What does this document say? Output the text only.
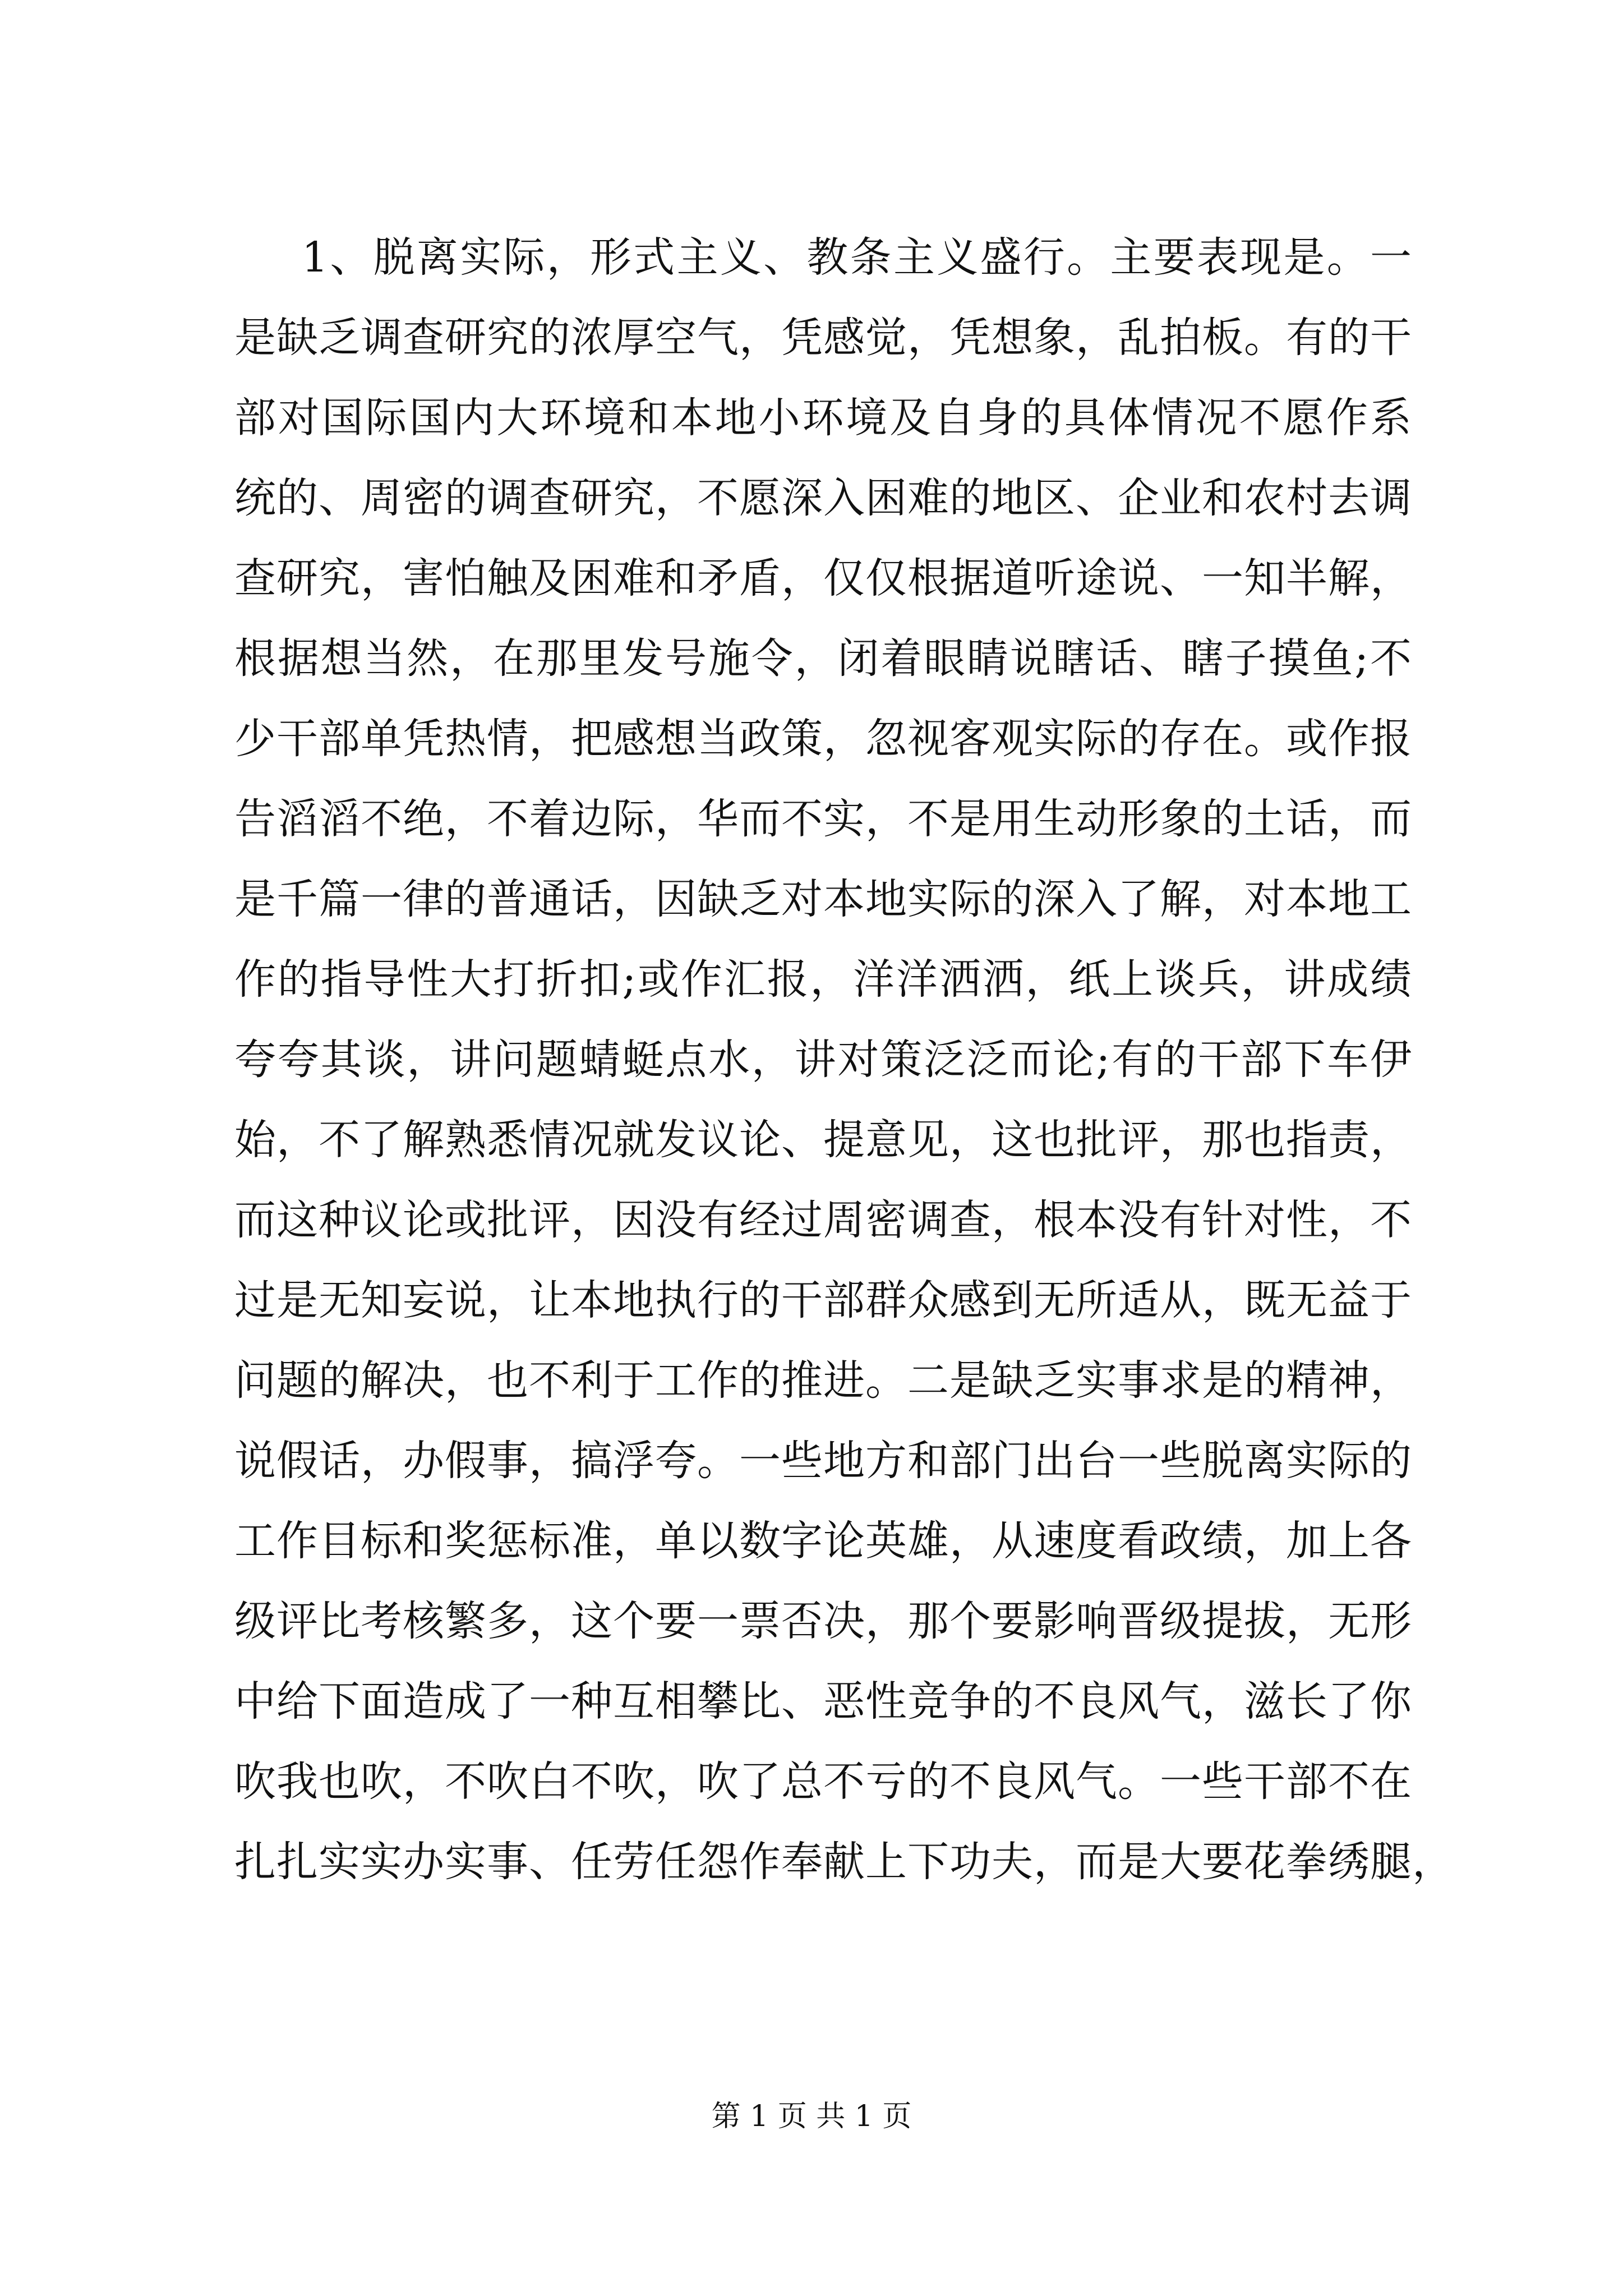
1、脱离实际，形式主义、教条主义盛行。主要表现是。一
是缺乏调查研究的浓厚空气，凭感觉，凭想象，乱拍板。有的干
部对国际国内大环境和本地小环境及自身的具体情况不愿作系
统的、周密的调查研究，不愿深入困难的地区、企业和农村去调
查研究，害怕触及困难和矛盾，仅仅根据道听途说、一知半解，
根据想当然，在那里发号施令，闭着眼睛说瞎话、瞎子摸鱼;不
少干部单凭热情，把感想当政策，忽视客观实际的存在。或作报
告滔滔不绝，不着边际，华而不实，不是用生动形象的土话，而
是千篇一律的普通话，因缺乏对本地实际的深入了解，对本地工
作的指导性大打折扣;或作汇报，洋洋洒洒，纸上谈兵，讲成绩
夸夸其谈，讲问题蜻蜓点水，讲对策泛泛而论;有的干部下车伊
始，不了解熟悉情况就发议论、提意见，这也批评，那也指责，
而这种议论或批评，因没有经过周密调查，根本没有针对性，不
过是无知妄说，让本地执行的干部群众感到无所适从，既无益于
问题的解决，也不利于工作的推进。二是缺乏实事求是的精神，
说假话，办假事，搞浮夸。一些地方和部门出台一些脱离实际的
工作目标和奖惩标准，单以数字论英雄，从速度看政绩，加上各
级评比考核繁多，这个要一票否决，那个要影响晋级提拔，无形
中给下面造成了一种互相攀比、恶性竞争的不良风气，滋长了你
吹我也吹，不吹白不吹，吹了总不亏的不良风气。一些干部不在
扎扎实实办实事、任劳任怨作奉献上下功夫，而是大要花拳绣腿，
第 1 页 共 1 页
